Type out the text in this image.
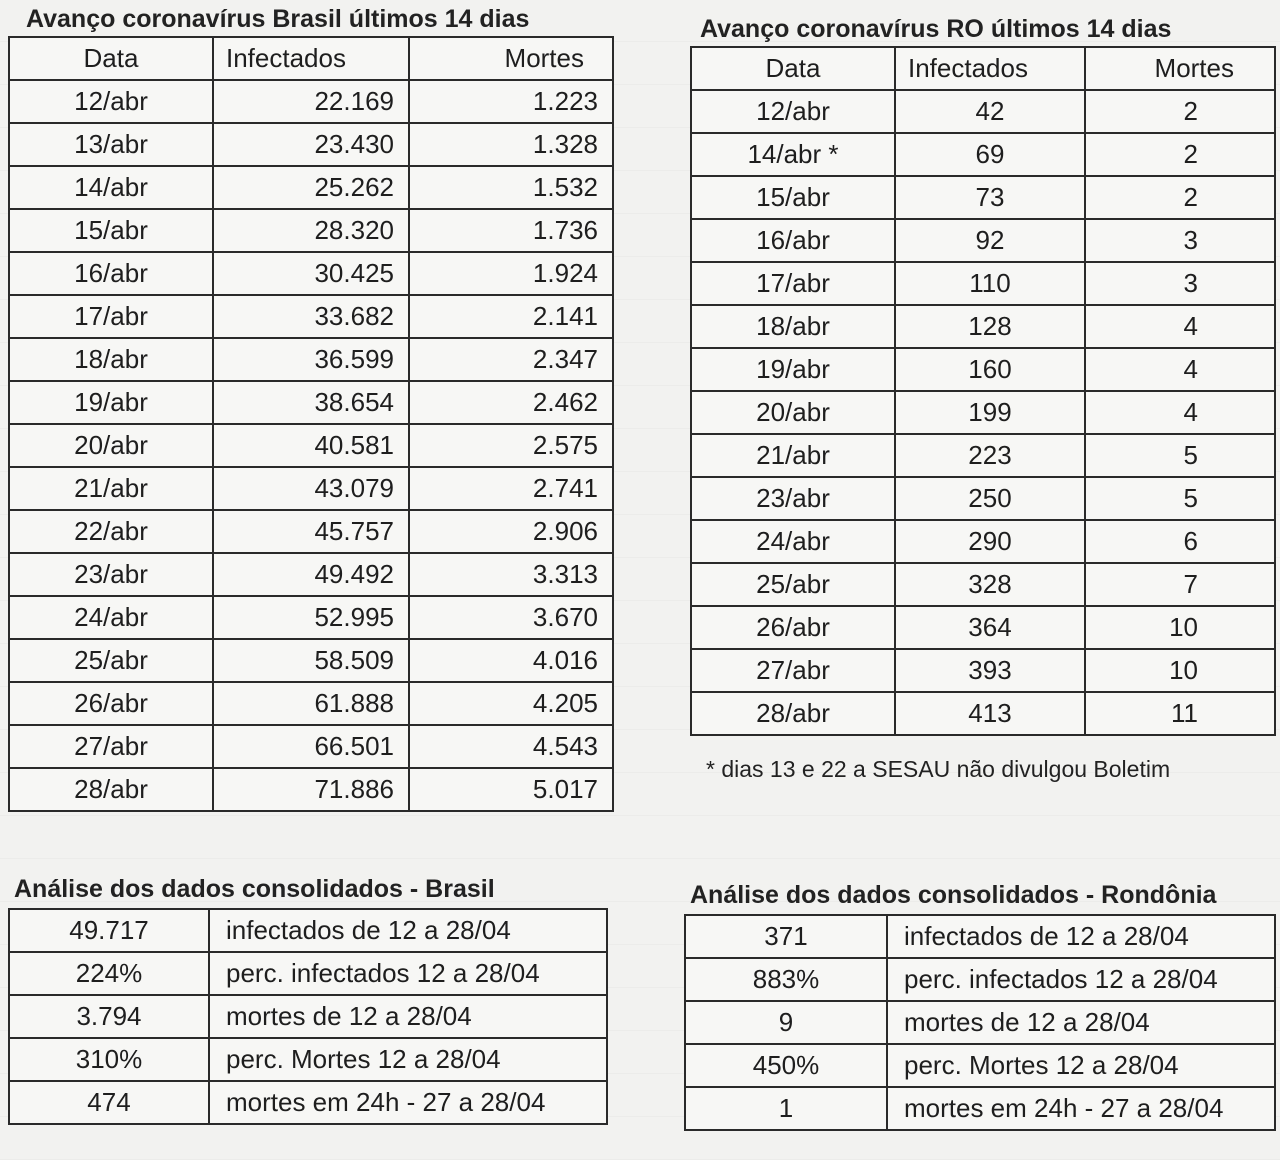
Avanço coronavírus Brasil últimos 14 dias
Data	Infectados	Mortes
12/abr	22.169	1.223
13/abr	23.430	1.328
14/abr	25.262	1.532
15/abr	28.320	1.736
16/abr	30.425	1.924
17/abr	33.682	2.141
18/abr	36.599	2.347
19/abr	38.654	2.462
20/abr	40.581	2.575
21/abr	43.079	2.741
22/abr	45.757	2.906
23/abr	49.492	3.313
24/abr	52.995	3.670
25/abr	58.509	4.016
26/abr	61.888	4.205
27/abr	66.501	4.543
28/abr	71.886	5.017
Avanço coronavírus RO últimos 14 dias
Data	Infectados	Mortes
12/abr	42	2
14/abr *	69	2
15/abr	73	2
16/abr	92	3
17/abr	110	3
18/abr	128	4
19/abr	160	4
20/abr	199	4
21/abr	223	5
23/abr	250	5
24/abr	290	6
25/abr	328	7
26/abr	364	10
27/abr	393	10
28/abr	413	11
* dias 13 e 22 a SESAU não divulgou Boletim
Análise dos dados consolidados - Brasil
49.717	infectados de 12 a 28/04
224%	perc. infectados 12 a 28/04
3.794	mortes de 12 a 28/04
310%	perc. Mortes 12 a 28/04
474	mortes em 24h - 27 a 28/04
Análise dos dados consolidados - Rondônia
371	infectados de 12 a 28/04
883%	perc. infectados 12 a 28/04
9	mortes de 12 a 28/04
450%	perc. Mortes 12 a 28/04
1	mortes em 24h - 27 a 28/04
